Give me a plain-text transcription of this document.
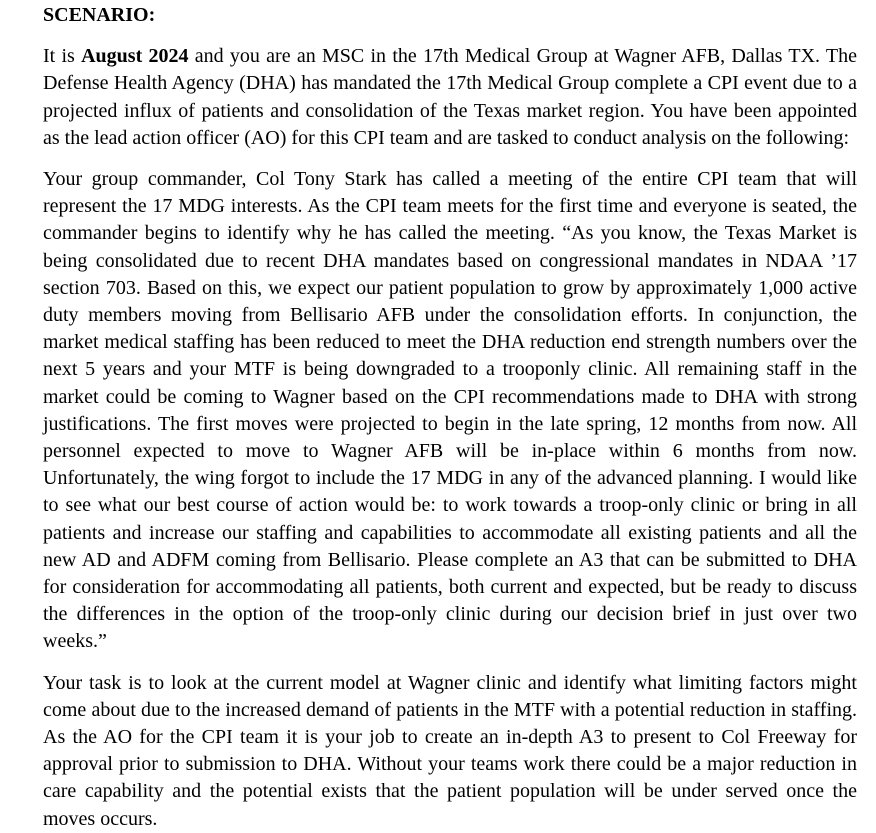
SCENARIO:

It is August 2024 and you are an MSC in the 17th Medical Group at Wagner AFB, Dallas TX. The Defense Health Agency (DHA) has mandated the 17th Medical Group complete a CPI event due to a projected influx of patients and consolidation of the Texas market region. You have been appointed as the lead action officer (AO) for this CPI team and are tasked to conduct analysis on the following:

Your group commander, Col Tony Stark has called a meeting of the entire CPI team that will represent the 17 MDG interests. As the CPI team meets for the first time and everyone is seated, the commander begins to identify why he has called the meeting. “As you know, the Texas Market is being consolidated due to recent DHA mandates based on congressional mandates in NDAA ’17 section 703. Based on this, we expect our patient population to grow by approximately 1,000 active duty members moving from Bellisario AFB under the consolidation efforts. In conjunction, the market medical staffing has been reduced to meet the DHA reduction end strength numbers over the next 5 years and your MTF is being downgraded to a trooponly clinic. All remaining staff in the market could be coming to Wagner based on the CPI recommendations made to DHA with strong justifications. The first moves were projected to begin in the late spring, 12 months from now. All personnel expected to move to Wagner AFB will be in-place within 6 months from now. Unfortunately, the wing forgot to include the 17 MDG in any of the advanced planning. I would like to see what our best course of action would be: to work towards a troop-only clinic or bring in all patients and increase our staffing and capabilities to accommodate all existing patients and all the new AD and ADFM coming from Bellisario. Please complete an A3 that can be submitted to DHA for consideration for accommodating all patients, both current and expected, but be ready to discuss the differences in the option of the troop-only clinic during our decision brief in just over two weeks.”

Your task is to look at the current model at Wagner clinic and identify what limiting factors might come about due to the increased demand of patients in the MTF with a potential reduction in staffing. As the AO for the CPI team it is your job to create an in-depth A3 to present to Col Freeway for approval prior to submission to DHA. Without your teams work there could be a major reduction in care capability and the potential exists that the patient population will be under served once the moves occurs.
